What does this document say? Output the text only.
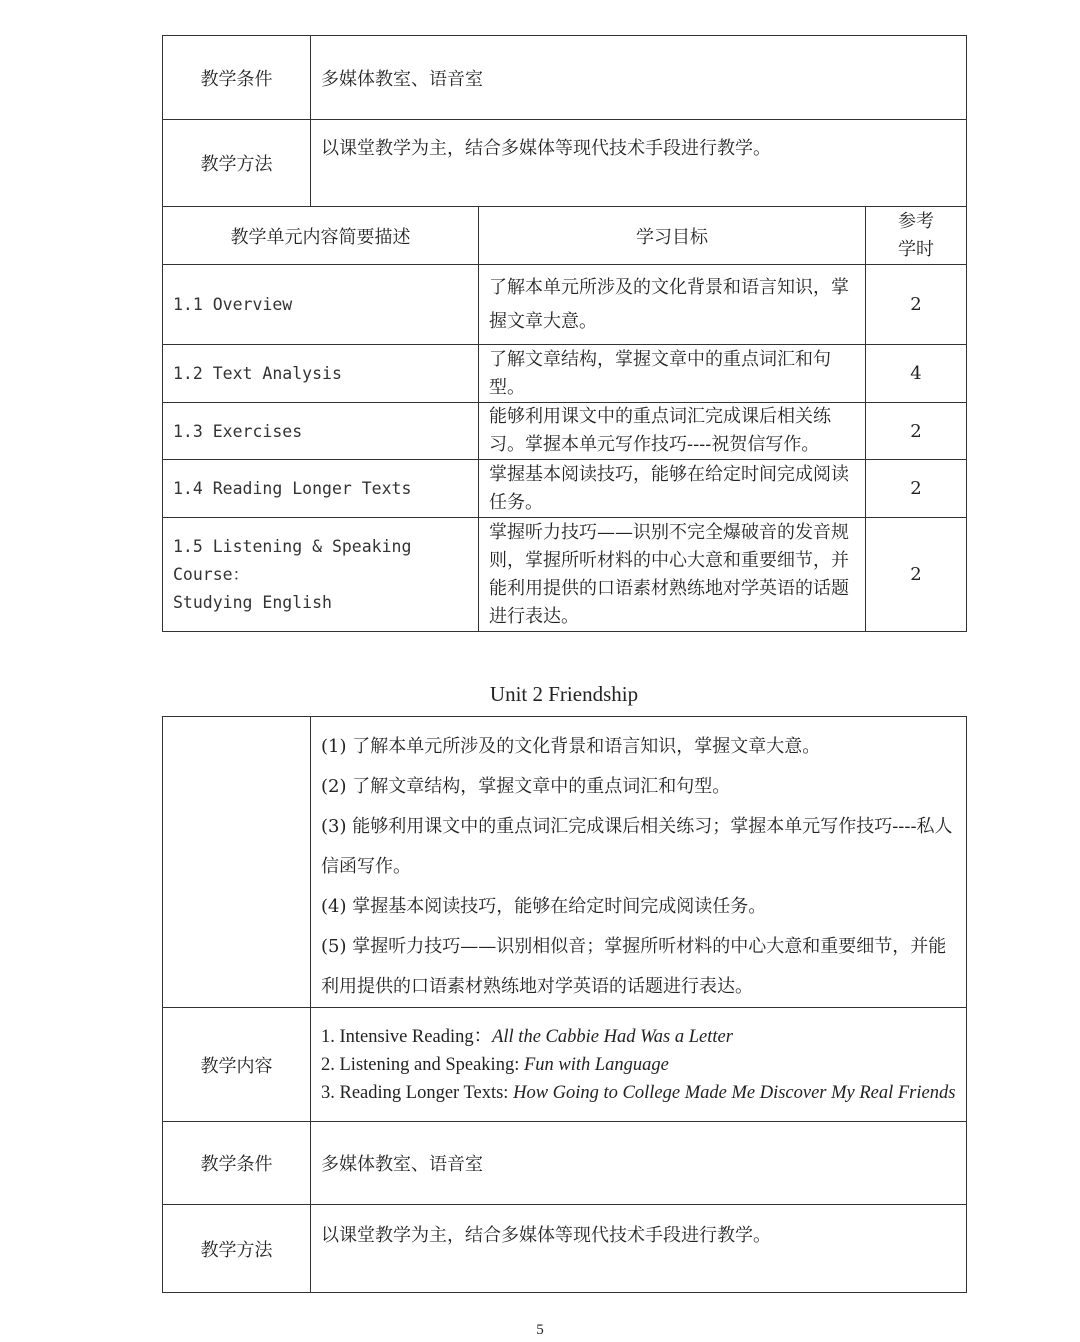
教学条件	多媒体教室、语音室
教学方法	以课堂教学为主，结合多媒体等现代技术手段进行教学。
教学单元内容简要描述	学习目标	参考
学时

1.1 Overview	了解本单元所涉及的文化背景和语言知识，掌握文章大意。	2
1.2 Text Analysis	了解文章结构，掌握文章中的重点词汇和句型。	4
1.3 Exercises	能够利用课文中的重点词汇完成课后相关练习。掌握本单元写作技巧----祝贺信写作。	2
1.4 Reading Longer Texts	掌握基本阅读技巧，能够在给定时间完成阅读任务。	2

1.5 Listening & Speaking Course：
Studying English	掌握听力技巧——识别不完全爆破音的发音规则，掌握所听材料的中心大意和重要细节，并能利用提供的口语素材熟练地对学英语的话题进行表达。	2
Unit 2 Friendship

	(1) 了解本单元所涉及的文化背景和语言知识，掌握文章大意。
(2) 了解文章结构，掌握文章中的重点词汇和句型。
(3) 能够利用课文中的重点词汇完成课后相关练习；掌握本单元写作技巧----私人信函写作。
(4) 掌握基本阅读技巧，能够在给定时间完成阅读任务。
(5) 掌握听力技巧——识别相似音；掌握所听材料的中心大意和重要细节，并能利用提供的口语素材熟练地对学英语的话题进行表达。

教学内容	1. Intensive Reading：All the Cabbie Had Was a Letter
2. Listening and Speaking: Fun with Language
3. Reading Longer Texts: How Going to College Made Me Discover My Real Friends

教学条件	多媒体教室、语音室
教学方法	以课堂教学为主，结合多媒体等现代技术手段进行教学。
5
